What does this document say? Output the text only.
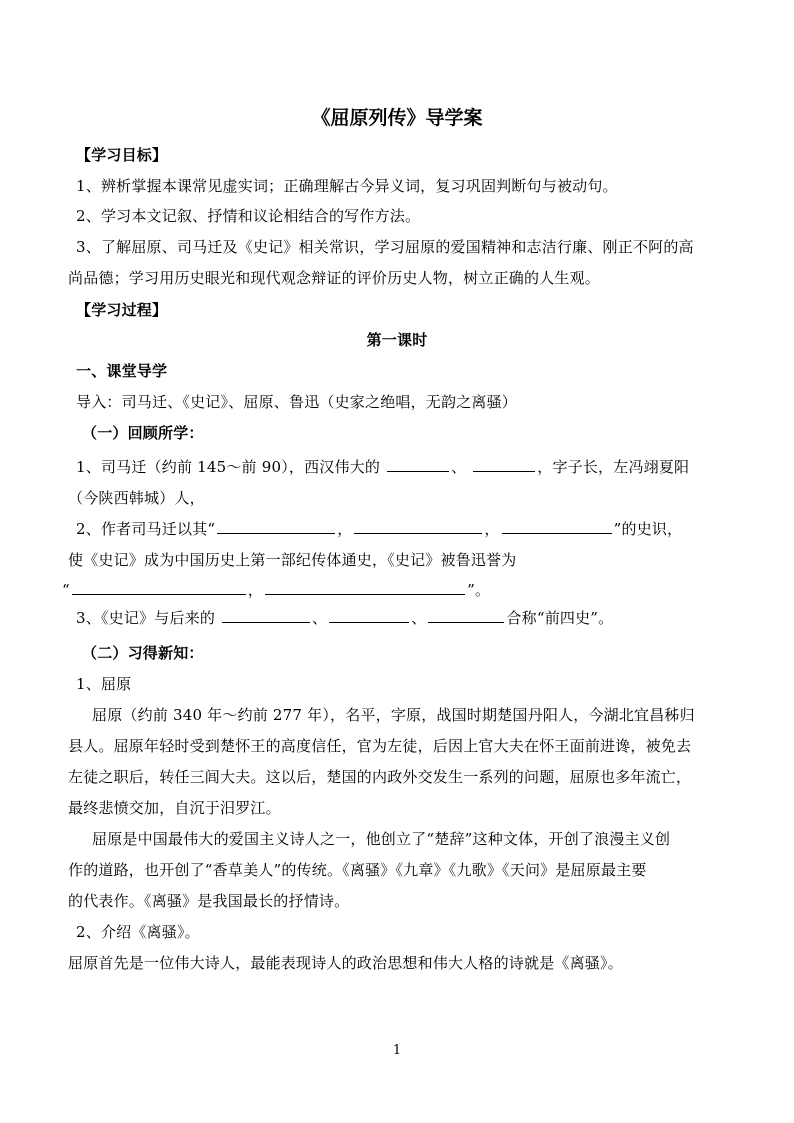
《屈原列传》导学案
【学习目标】
1、辨析掌握本课常见虚实词；正确理解古今异义词，复习巩固判断句与被动句。
2、学习本文记叙、抒情和议论相结合的写作方法。
3、了解屈原、司马迁及《史记》相关常识，学习屈原的爱国精神和志洁行廉、刚正不阿的高
尚品德；学习用历史眼光和现代观念辩证的评价历史人物，树立正确的人生观。
【学习过程】
第一课时
一、课堂导学
导入：司马迁、《史记》、屈原、鲁迅（史家之绝唱，无韵之离骚）
（一）回顾所学：
1、司马迁（约前 145～前 90），西汉伟大的	、	，字子长，左冯翊夏阳
（今陕西韩城）人，
2、作者司马迁以其“	，	，	”的史识，
使《史记》成为中国历史上第一部纪传体通史，《史记》被鲁迅誉为
“	，	”。
3、《史记》与后来的	、	、	合称“前四史”。
（二）习得新知：
1、屈原
屈原（约前 340 年～约前 277 年），名平，字原，战国时期楚国丹阳人，今湖北宜昌秭归
县人。屈原年轻时受到楚怀王的高度信任，官为左徒，后因上官大夫在怀王面前进谗，被免去
左徒之职后，转任三闾大夫。这以后，楚国的内政外交发生一系列的问题，屈原也多年流亡，
最终悲愤交加，自沉于汨罗江。
屈原是中国最伟大的爱国主义诗人之一，他创立了“楚辞”这种文体，开创了浪漫主义创
作的道路，也开创了“香草美人”的传统。《离骚》《九章》《九歌》《天问》是屈原最主要
的代表作。《离骚》是我国最长的抒情诗。
2、介绍《离骚》。
屈原首先是一位伟大诗人，最能表现诗人的政治思想和伟大人格的诗就是《离骚》。
1
